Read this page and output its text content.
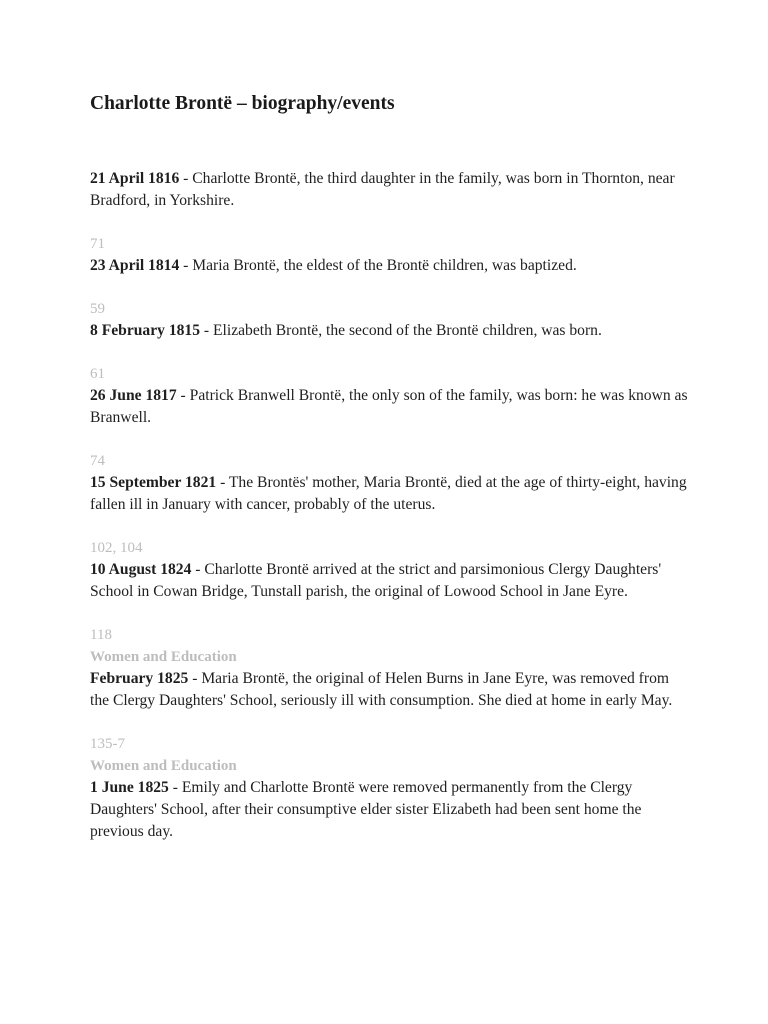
Charlotte Brontë – biography/events

21 April 1816 - Charlotte Brontë, the third daughter in the family, was born in Thornton, near Bradford, in Yorkshire.

71

23 April 1814 - Maria Brontë, the eldest of the Brontë children, was baptized.

59

8 February 1815 - Elizabeth Brontë, the second of the Brontë children, was born.

61

26 June 1817 - Patrick Branwell Brontë, the only son of the family, was born: he was known as Branwell.

74

15 September 1821 - The Brontës' mother, Maria Brontë, died at the age of thirty-eight, having fallen ill in January with cancer, probably of the uterus.

102, 104

10 August 1824 - Charlotte Brontë arrived at the strict and parsimonious Clergy Daughters' School in Cowan Bridge, Tunstall parish, the original of Lowood School in Jane Eyre.

118
Women and Education

February 1825 - Maria Brontë, the original of Helen Burns in Jane Eyre, was removed from the Clergy Daughters' School, seriously ill with consumption. She died at home in early May.

135-7
Women and Education

1 June 1825 - Emily and Charlotte Brontë were removed permanently from the Clergy Daughters' School, after their consumptive elder sister Elizabeth had been sent home the previous day.
